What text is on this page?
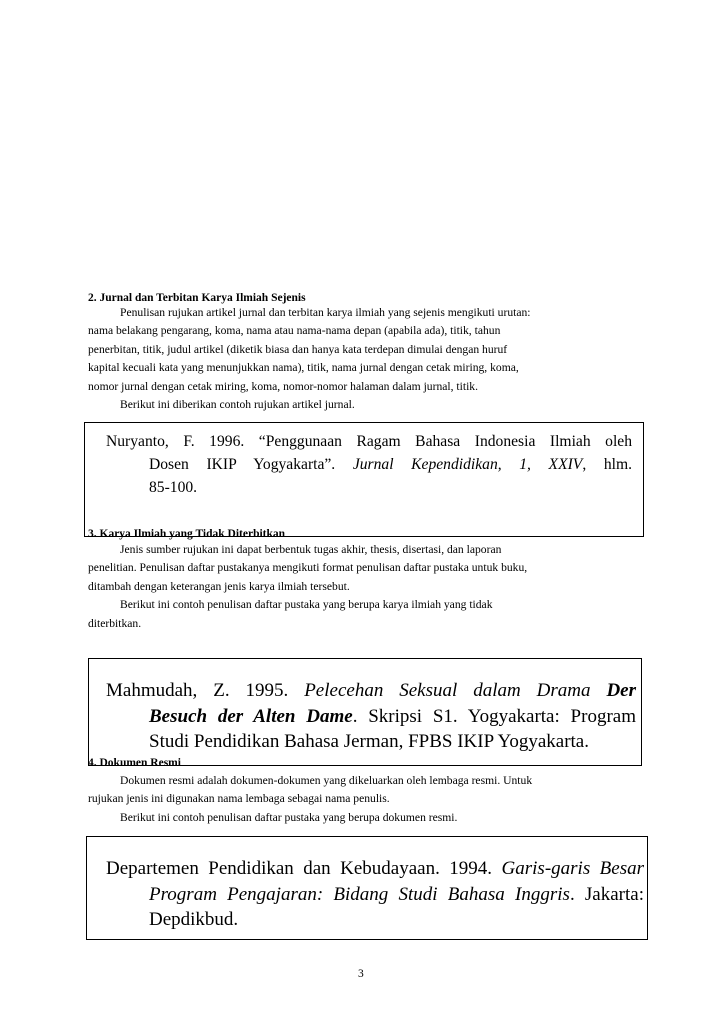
2. Jurnal dan Terbitan Karya Ilmiah Sejenis
Penulisan rujukan artikel jurnal dan terbitan karya ilmiah yang sejenis mengikuti urutan:
nama belakang pengarang, koma, nama atau nama-nama depan (apabila ada), titik, tahun
penerbitan, titik, judul artikel (diketik biasa dan hanya kata terdepan dimulai dengan huruf
kapital kecuali kata yang menunjukkan nama), titik, nama jurnal dengan cetak miring, koma,
nomor jurnal dengan cetak miring, koma, nomor-nomor halaman dalam jurnal, titik.
Berikut ini diberikan contoh rujukan artikel jurnal.
Nuryanto, F. 1996. “Penggunaan Ragam Bahasa Indonesia Ilmiah oleh
Dosen IKIP Yogyakarta”. Jurnal Kependidikan, 1, XXIV, hlm.
85-100.
3. Karya Ilmiah yang Tidak Diterbitkan
Jenis sumber rujukan ini dapat berbentuk tugas akhir, thesis, disertasi, dan laporan
penelitian. Penulisan daftar pustakanya mengikuti format penulisan daftar pustaka untuk buku,
ditambah dengan keterangan jenis karya ilmiah tersebut.
Berikut ini contoh penulisan daftar pustaka yang berupa karya ilmiah yang tidak
diterbitkan.
Mahmudah, Z. 1995. Pelecehan Seksual dalam Drama Der
Besuch der Alten Dame. Skripsi S1. Yogyakarta: Program
Studi Pendidikan Bahasa Jerman, FPBS IKIP Yogyakarta.
4. Dokumen Resmi
Dokumen resmi adalah dokumen-dokumen yang dikeluarkan oleh lembaga resmi. Untuk
rujukan jenis ini digunakan nama lembaga sebagai nama penulis.
Berikut ini contoh penulisan daftar pustaka yang berupa dokumen resmi.
Departemen Pendidikan dan Kebudayaan. 1994. Garis-garis Besar
Program Pengajaran: Bidang Studi Bahasa Inggris. Jakarta:
Depdikbud.
3
